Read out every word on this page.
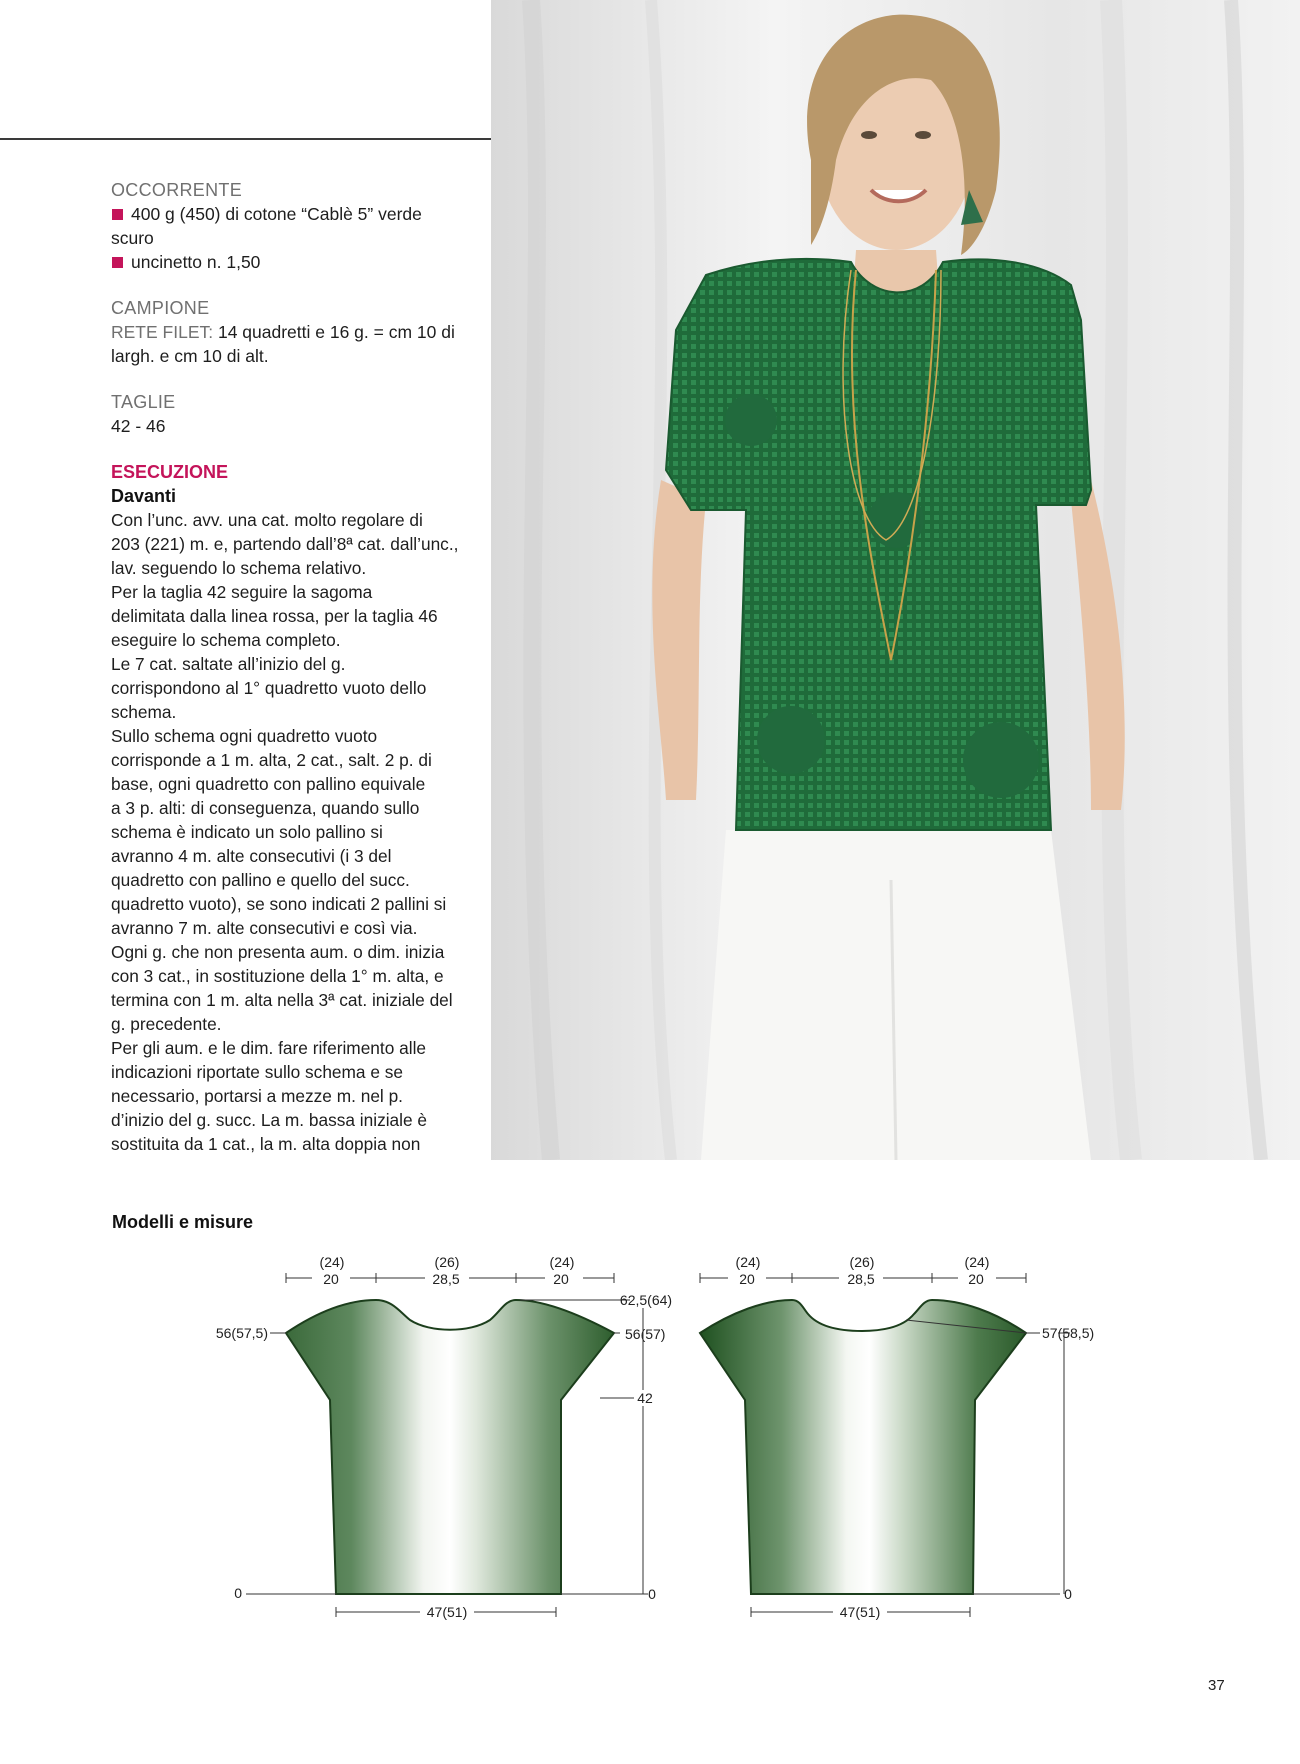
OCCORRENTE
400 g (450) di cotone “Cablè 5” verde
scuro
uncinetto n. 1,50
CAMPIONE
RETE FILET: 14 quadretti e 16 g. = cm 10 di
largh. e cm 10 di alt.
TAGLIE
42 - 46
ESECUZIONE
Davanti

Con l’unc. avv. una cat. molto regolare di

203 (221) m. e, partendo dall’8ª cat. dall’unc.,

lav. seguendo lo schema relativo.

Per la taglia 42 seguire la sagoma

delimitata dalla linea rossa, per la taglia 46

eseguire lo schema completo.

Le 7 cat. saltate all’inizio del g.

corrispondono al 1° quadretto vuoto dello

schema.

Sullo schema ogni quadretto vuoto

corrisponde a 1 m. alta, 2 cat., salt. 2 p. di

base, ogni quadretto con pallino equivale

a 3 p. alti: di conseguenza, quando sullo

schema è indicato un solo pallino si

avranno 4 m. alte consecutivi (i 3 del

quadretto con pallino e quello del succ.

quadretto vuoto), se sono indicati 2 pallini si

avranno 7 m. alte consecutivi e così via.

Ogni g. che non presenta aum. o dim. inizia

con 3 cat., in sostituzione della 1° m. alta, e

termina con 1 m. alta nella 3ª cat. iniziale del

g. precedente.

Per gli aum. e le dim. fare riferimento alle

indicazioni riportate sullo schema e se

necessario, portarsi a mezze m. nel p.

d’inizio del g. succ. La m. bassa iniziale è

sostituita da 1 cat., la m. alta doppia non

Modelli e misure
(24)
20
(26)
28,5
(24)
20
56(57,5)	56(57)
62,5(64)
42
0	0
47(51)
(24)
20
(26)
28,5
(24)
20
57(58,5)
0
47(51)
37
